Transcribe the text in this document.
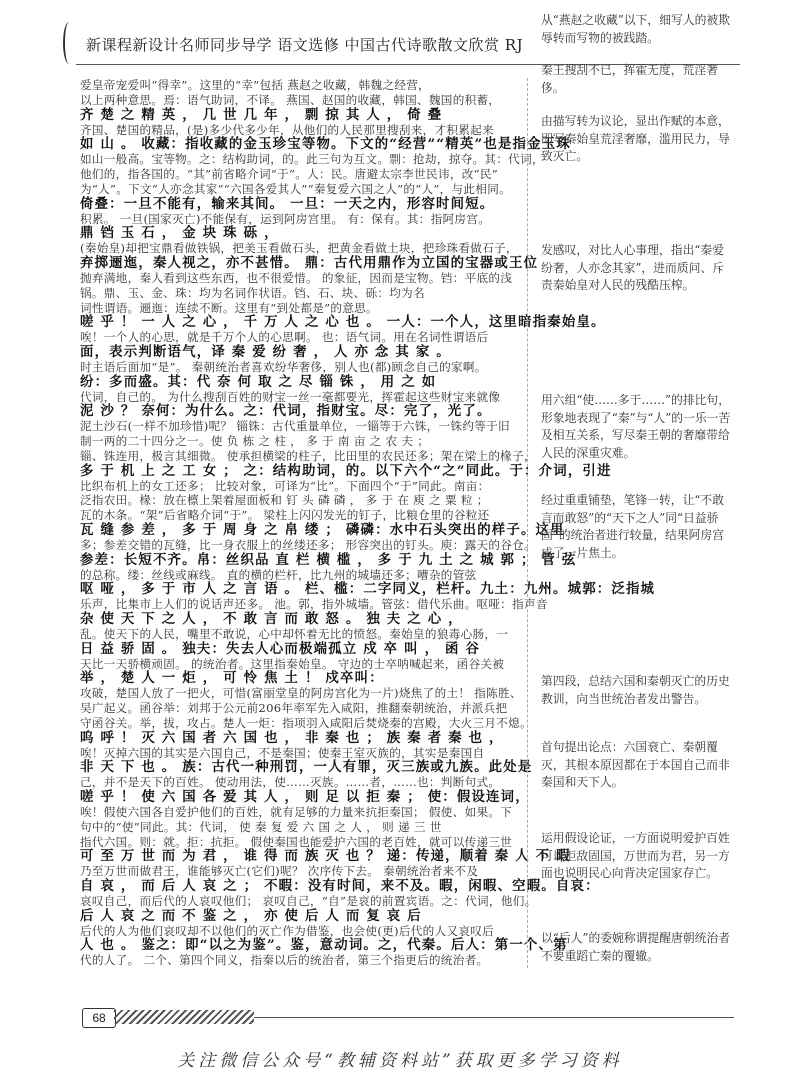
新课程新设计名师同步导学 语文选修 中国古代诗歌散文欣赏 RJ
爱皇帝宠爱叫“得幸”。这里的“幸”包括 燕赵之收藏，韩魏之经营，
以上两种意思。焉：语气助词，不译。 燕国、赵国的收藏，韩国、魏国的积蓄，
齐 楚 之 精 英 ， 几 世 几 年 ， 剽 掠 其 人 ， 倚 叠
齐国、楚国的精品，(是)多少代多少年，从他们的人民那里搜刮来，才积累起来
如 山 。 收藏：指收藏的金玉珍宝等物。下文的“经营”“精英”也是指金玉珠
如山一般高。宝等物。之：结构助词，的。此三句为互文。剽：抢劫，掠夺。其：代词，
他们的，指各国的。“其”前省略介词“于”。人：民。唐避太宗李世民讳，改“民”
为“人”。下文“人亦念其家”“六国各爱其人”“秦复爱六国之人”的“人”，与此相同。
倚叠：一旦不能有，输来其间。 一旦：一天之内，形容时间短。
积累。 一旦(国家灭亡)不能保有，运到阿房宫里。 有：保有。其：指阿房宫。
鼎 铛 玉 石 ， 金 块 珠 砾 ，
(秦始皇)却把宝鼎看做铁锅，把美玉看做石头，把黄金看做土块，把珍珠看做石子，
弃掷逦迤，秦人视之，亦不甚惜。 鼎：古代用鼎作为立国的宝器或王位
抛弃满地，秦人看到这些东西，也不很爱惜。 的象征，因而是宝物。铛：平底的浅
锅。鼎、玉、金、珠：均为名词作状语。铛、石、块、砾：均为名
词性谓语。逦迤：连续不断。这里有“到处都是”的意思。
嗟 乎 ！ 一 人 之 心 ， 千 万 人 之 心 也 。 一人：一个人，这里暗指秦始皇。
唉！一个人的心思，就是千万个人的心思啊。 也：语气词。用在名词性谓语后
面，表示判断语气，译 秦 爱 纷 奢 ， 人 亦 念 其 家 。
时主语后面加“是”。 秦朝统治者喜欢纷华奢侈，别人也(都)顾念自己的家啊。
纷：多而盛。其：代 奈 何 取 之 尽 锱 铢 ， 用 之 如
代词，自己的。 为什么搜刮百姓的财宝一丝一毫都要光，挥霍起这些财宝来就像
泥 沙 ？ 奈何：为什么。之：代词，指财宝。尽：完了，光了。
泥土沙石(一样不加珍惜)呢？ 锱铢：古代重量单位，一锱等于六铢，一铢约等于旧
制一两的二十四分之一。使 负 栋 之 柱 ， 多 于 南 亩 之 农 夫 ；
锱、铢连用，极言其细微。 使承担横梁的柱子，比田里的农民还多；架在梁上的椽子，
多 于 机 上 之 工 女 ； 之：结构助词，的。以下六个“之”同此。于：介词，引进
比织布机上的女工还多； 比较对象，可译为“比”。下面四个“于”同此。南亩：
泛指农田。椽：放在檩上架着屋面板和 钉 头 磷 磷 ， 多 于 在 庾 之 粟 粒 ；
瓦的木条。“架”后省略介词“于”。 梁柱上闪闪发光的钉子，比粮仓里的谷粒还
瓦 缝 参 差 ， 多 于 周 身 之 帛 缕 ； 磷磷：水中石头突出的样子。这里
多；参差交错的瓦缝，比一身衣服上的丝缕还多； 形容突出的钉头。庾：露天的谷仓。
参差：长短不齐。帛：丝织品 直 栏 横 槛 ， 多 于 九 土 之 城 郭 ； 管 弦
的总称。缕：丝线或麻线。 直的横的栏杆，比九州的城墙还多；嘈杂的管弦
呕 哑 ， 多 于 市 人 之 言 语 。 栏、槛：二字同义，栏杆。九土：九州。城郭：泛指城
乐声，比集市上人们的说话声还多。 池。郭，指外城墙。管弦：借代乐曲。呕哑：指声音
杂 使 天 下 之 人 ， 不 敢 言 而 敢 怒 。 独 夫 之 心 ，
乱。使天下的人民，嘴里不敢说，心中却怀着无比的愤怒。秦始皇的狼毒心肠，一
日 益 骄 固 。 独夫：失去人心而极端孤立 戍 卒 叫 ， 函 谷
天比一天骄横顽固。 的统治者。这里指秦始皇。 守边的士卒呐喊起来，函谷关被
举 ， 楚 人 一 炬 ， 可 怜 焦 土 ！ 戍卒叫：
攻破，楚国人放了一把火，可惜(富丽堂皇的阿房宫化为一片)烧焦了的土！ 指陈胜、
吴广起义。函谷举：刘邦于公元前206年率军先入咸阳，推翻秦朝统治，并派兵把
守函谷关。举，拔，攻占。楚人一炬：指项羽入咸阳后焚烧秦的宫殿，大火三月不熄。
呜 呼 ！ 灭 六 国 者 六 国 也 ， 非 秦 也 ； 族 秦 者 秦 也 ，
唉！灭掉六国的其实是六国自己，不是秦国；使秦王室灭族的，其实是秦国自
非 天 下 也 。 族：古代一种刑罚，一人有罪，灭三族或九族。此处是
己，并不是天下的百姓。 使动用法，使……灭族。……者，……也：判断句式。
嗟 乎 ！ 使 六 国 各 爱 其 人 ， 则 足 以 拒 秦 ； 使：假设连词，
唉！假使六国各自爱护他们的百姓，就有足够的力量来抗拒秦国； 假使、如果。下
句中的“使”同此。其：代词， 使 秦 复 爱 六 国 之 人 ， 则 递 三 世
指代六国。则：就。拒：抗拒。 假使秦国也能爱护六国的老百姓，就可以传递三世
可 至 万 世 而 为 君 ， 谁 得 而 族 灭 也 ？ 递：传递，顺着 秦 人 不 暇
乃至万世而做君王，谁能够灭亡(它们)呢？ 次序传下去。 秦朝统治者来不及
自 哀 ， 而 后 人 哀 之 ； 不暇：没有时间，来不及。暇，闲暇、空暇。自哀：
哀叹自己，而后代的人哀叹他们； 哀叹自己，“自”是哀的前置宾语。之：代词，他们。
后 人 哀 之 而 不 鉴 之 ， 亦 使 后 人 而 复 哀 后
后代的人为他们哀叹却不以他们的灭亡作为借鉴，也会使(更)后代的人又哀叹后
人 也 。 鉴之：即“以之为鉴”。鉴，意动词。之，代秦。后人：第一个、第
代的人了。 二个、第四个同义，指秦以后的统治者，第三个指更后的统治者。
从“燕赵之收藏”以下，细写人的被欺辱转而写物的被践踏。
秦王搜刮不已，挥霍无度，荒淫奢侈。
由描写转为议论，显出作赋的本意，即写秦始皇荒淫奢靡，滥用民力，导致灭亡。
发感叹，对比人心事理，指出“秦爱纷奢，人亦念其家”，进而质问、斥责秦始皇对人民的残酷压榨。
用六组“使……多于……”的排比句，形象地表现了“秦”与“人”的一乐一苦及相互关系，写尽秦王朝的奢靡带给人民的深重灾难。
经过重重铺垫，笔锋一转，让“不敢言而敢怒”的“天下之人”同“日益骄固”的统治者进行较量，结果阿房宫成了一片焦土。
第四段，总结六国和秦朝灭亡的历史教训，向当世统治者发出警告。
首句提出论点：六国衰亡、秦朝覆灭，其根本原因都在于本国自己而非秦国和天下人。
运用假设论证，一方面说明爱护百姓可以拒敌固国，万世而为君，另一方面也说明民心向背决定国家存亡。
以“后人”的委婉称谓提醒唐朝统治者不要重蹈亡秦的覆辙。
68
关注微信公众号“教辅资料站”获取更多学习资料
